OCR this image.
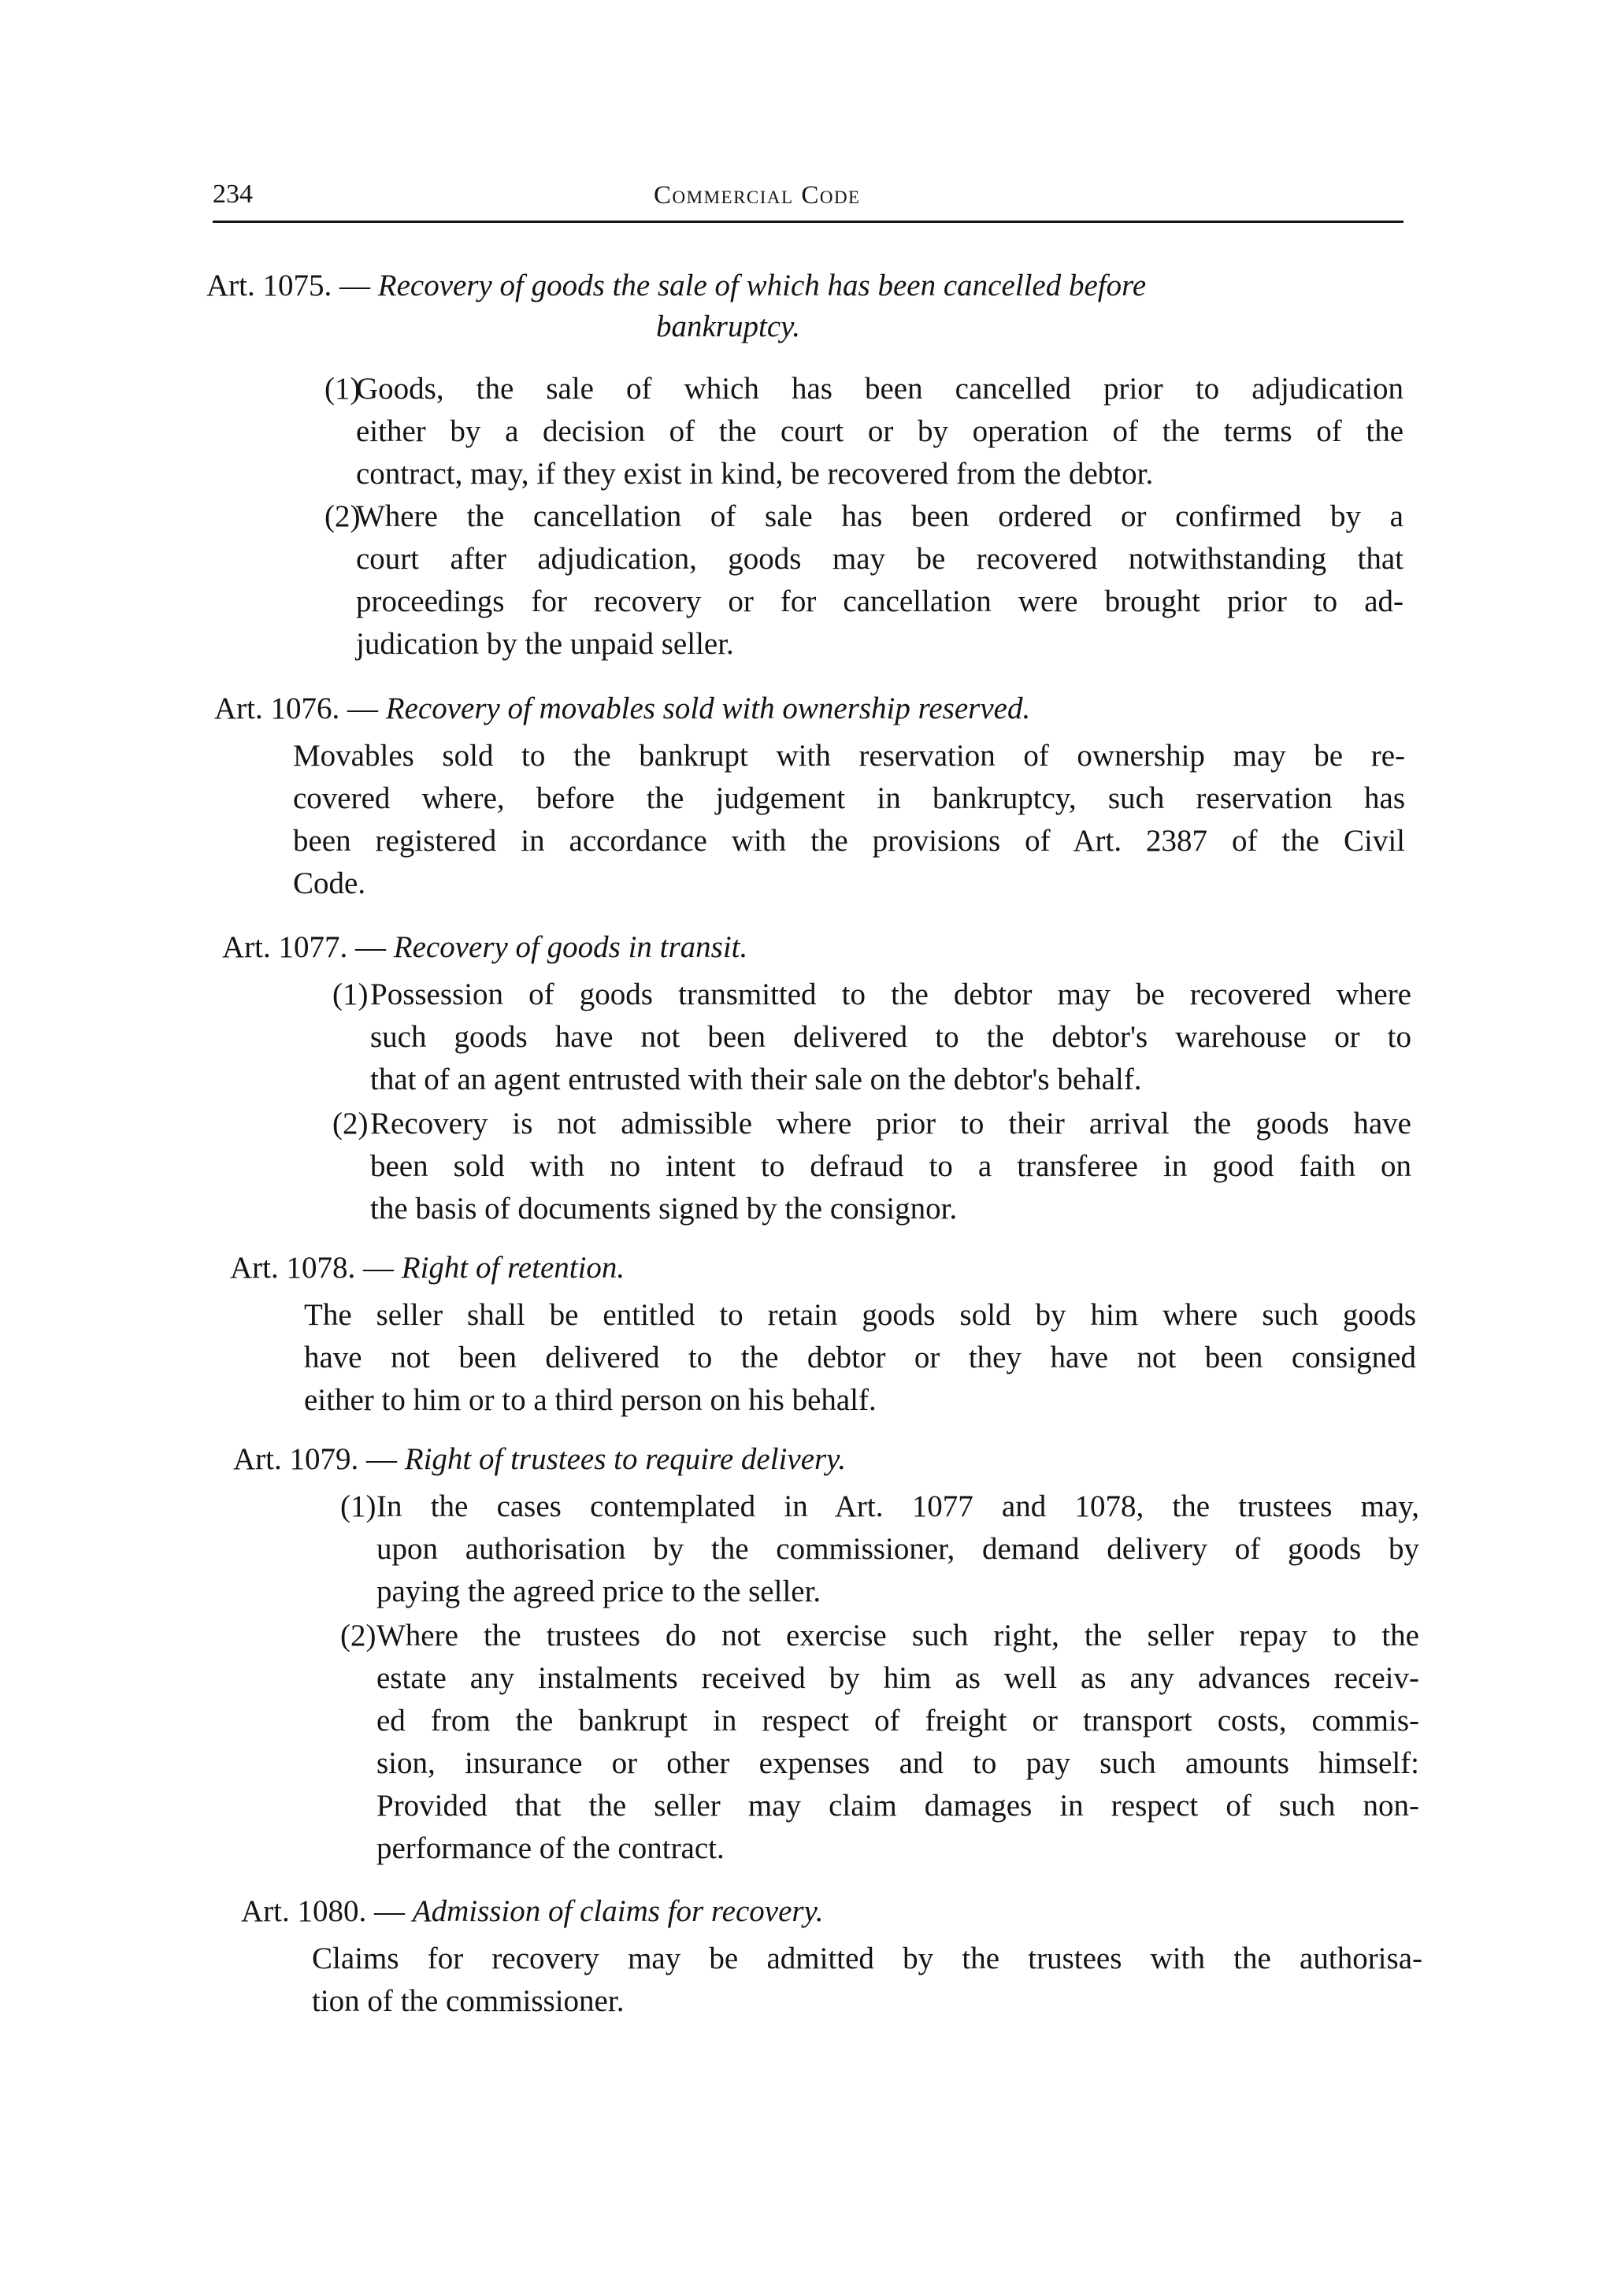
234	Commercial Code

Art. 1075. — Recovery of goods the sale of which has been cancelled before

bankruptcy.

(1)

Goods, the sale of which has been cancelled prior to adjudication

either by a decision of the court or by operation of the terms of the

contract, may, if they exist in kind, be recovered from the debtor.

(2)

Where the cancellation of sale has been ordered or confirmed by a

court after adjudication, goods may be recovered notwithstanding that

proceedings for recovery or for cancellation were brought prior to ad-

judication by the unpaid seller.

Art. 1076. — Recovery of movables sold with ownership reserved.

Movables sold to the bankrupt with reservation of ownership may be re-

covered where, before the judgement in bankruptcy, such reservation has

been registered in accordance with the provisions of Art. 2387 of the Civil

Code.

Art. 1077. — Recovery of goods in transit.

(1) Possession of goods transmitted to the debtor may be recovered where

such goods have not been delivered to the debtor's warehouse or to

that of an agent entrusted with their sale on the debtor's behalf.

(2) Recovery is not admissible where prior to their arrival the goods have

been sold with no intent to defraud to a transferee in good faith on

the basis of documents signed by the consignor.

Art. 1078. — Right of retention.

The seller shall be entitled to retain goods sold by him where such goods

have not been delivered to the debtor or they have not been consigned

either to him or to a third person on his behalf.

Art. 1079. — Right of trustees to require delivery.

(1) In the cases contemplated in Art. 1077 and 1078, the trustees may,

upon authorisation by the commissioner, demand delivery of goods by

paying the agreed price to the seller.

(2) Where the trustees do not exercise such right, the seller repay to the

estate any instalments received by him as well as any advances receiv-

ed from the bankrupt in respect of freight or transport costs, commis-

sion, insurance or other expenses and to pay such amounts himself:

Provided that the seller may claim damages in respect of such non-

performance of the contract.

Art. 1080. — Admission of claims for recovery.

Claims for recovery may be admitted by the trustees with the authorisa-

tion of the commissioner.
